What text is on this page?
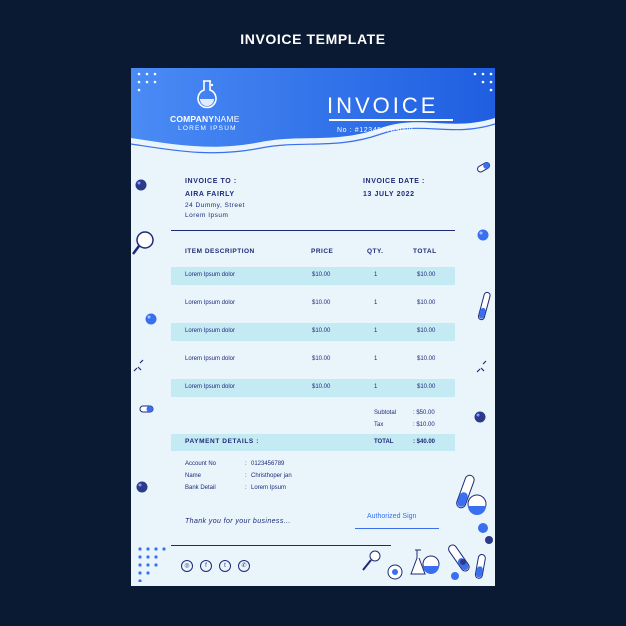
INVOICE TEMPLATE
COMPANYNAME
LOREM IPSUM
INVOICE
No : #123456789000
INVOICE TO :
AIRA FAIRLY
24 Dummy, Street
Lorem Ipsum
INVOICE DATE :
13 JULY 2022
ITEM DESCRIPTION	PRICE	QTY.	TOTAL
Lorem Ipsum dolor	$10.00	1	$10.00
Lorem Ipsum dolor	$10.00	1	$10.00
Lorem Ipsum dolor	$10.00	1	$10.00
Lorem Ipsum dolor	$10.00	1	$10.00
Lorem Ipsum dolor	$10.00	1	$10.00
Subtotal	: $50.00
Tax	: $10.00
PAYMENT DETAILS :	TOTAL	: $40.00
Account No	: 0123456789
Name	: Christhoper jan
Bank Detail	: Lorem Ipsum
Thank you for your business...
Authorized Sign
◎	f	t	✆
